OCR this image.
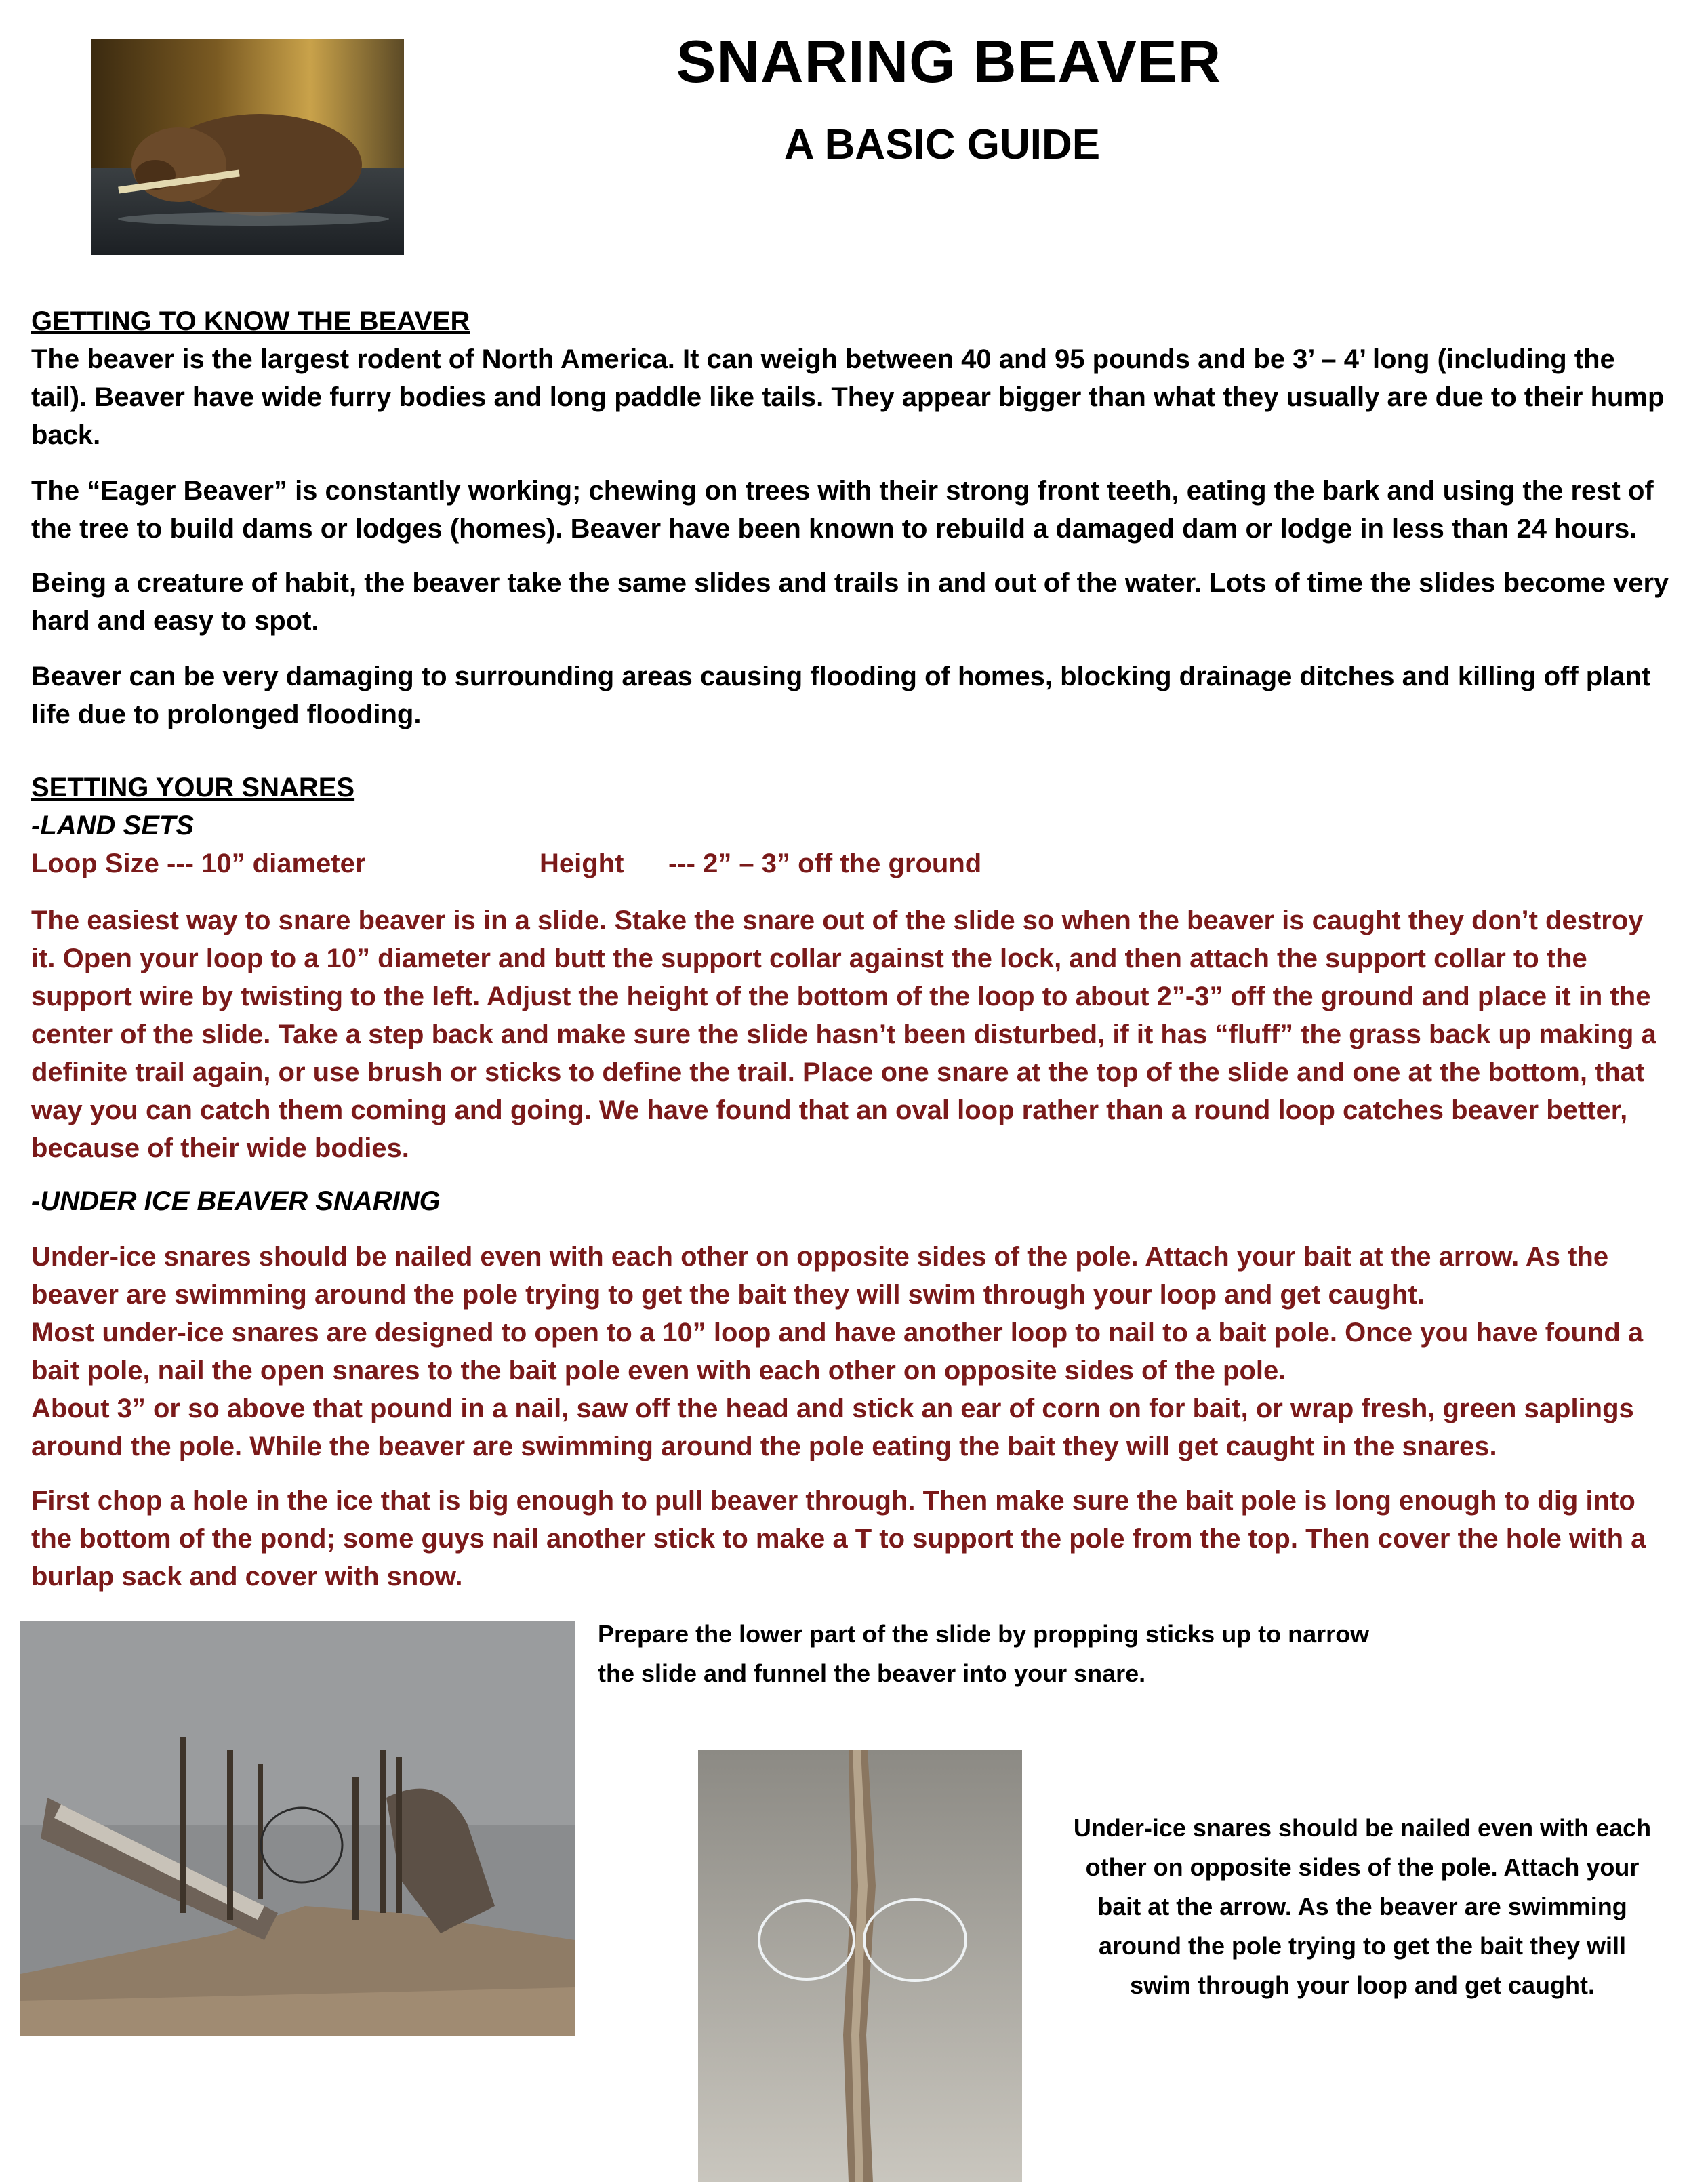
SNARING BEAVER
A BASIC GUIDE

GETTING TO KNOW THE BEAVER

The beaver is the largest rodent of North America. It can weigh between 40 and 95 pounds and be 3’ – 4’ long (including the tail). Beaver have wide furry bodies and long paddle like tails. They appear bigger than what they usually are due to their hump back.

The “Eager Beaver” is constantly working; chewing on trees with their strong front teeth, eating the bark and using the rest of the tree to build dams or lodges (homes). Beaver have been known to rebuild a damaged dam or lodge in less than 24 hours.

Being a creature of habit, the beaver take the same slides and trails in and out of the water. Lots of time the slides become very hard and easy to spot.

Beaver can be very damaging to surrounding areas causing flooding of homes, blocking drainage ditches and killing off plant life due to prolonged flooding.

SETTING YOUR SNARES

-LAND SETS

Loop Size --- 10” diameter	Height --- 2” – 3” off the ground

The easiest way to snare beaver is in a slide. Stake the snare out of the slide so when the beaver is caught they don’t destroy it. Open your loop to a 10” diameter and butt the support collar against the lock, and then attach the support collar to the support wire by twisting to the left. Adjust the height of the bottom of the loop to about 2”-3” off the ground and place it in the center of the slide. Take a step back and make sure the slide hasn’t been disturbed, if it has “fluff” the grass back up making a definite trail again, or use brush or sticks to define the trail. Place one snare at the top of the slide and one at the bottom, that way you can catch them coming and going. We have found that an oval loop rather than a round loop catches beaver better, because of their wide bodies.

-UNDER ICE BEAVER SNARING

Under-ice snares should be nailed even with each other on opposite sides of the pole. Attach your bait at the arrow. As the beaver are swimming around the pole trying to get the bait they will swim through your loop and get caught.

Most under-ice snares are designed to open to a 10” loop and have another loop to nail to a bait pole. Once you have found a bait pole, nail the open snares to the bait pole even with each other on opposite sides of the pole.

About 3” or so above that pound in a nail, saw off the head and stick an ear of corn on for bait, or wrap fresh, green saplings around the pole. While the beaver are swimming around the pole eating the bait they will get caught in the snares.

First chop a hole in the ice that is big enough to pull beaver through. Then make sure the bait pole is long enough to dig into the bottom of the pond; some guys nail another stick to make a T to support the pole from the top. Then cover the hole with a burlap sack and cover with snow.

Prepare the lower part of the slide by propping sticks up to narrow

the slide and funnel the beaver into your snare.

Under-ice snares should be nailed even with each

other on opposite sides of the pole. Attach your

bait at the arrow. As the beaver are swimming

around the pole trying to get the bait they will

swim through your loop and get caught.
